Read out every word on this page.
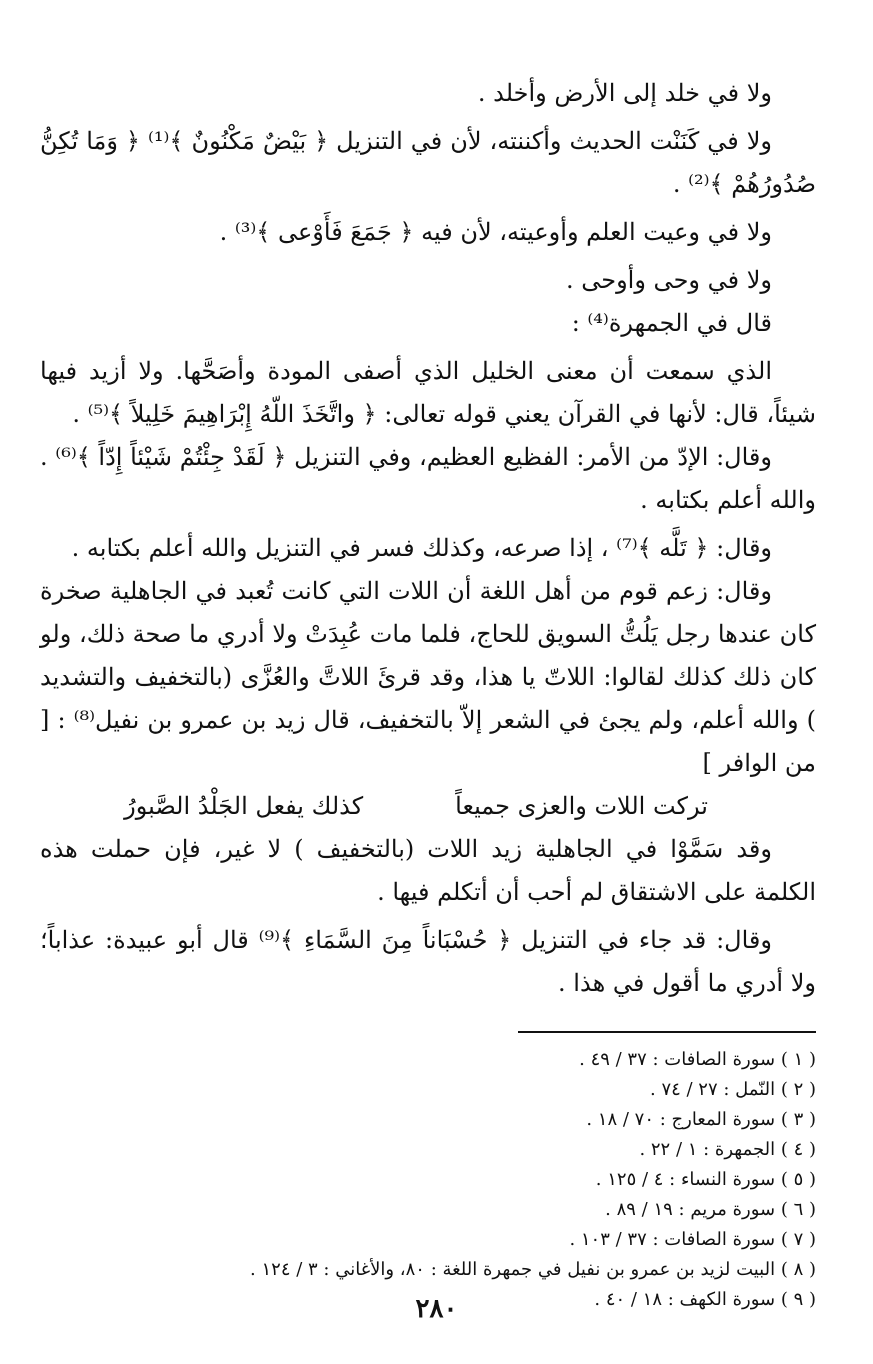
ولا في خلد إلى الأرض وأخلد .

ولا في كَنَنْت الحديث وأكننته، لأن في التنزيل ﴿ بَيْضٌ مَكْنُونٌ ﴾⁽¹⁾ ﴿ وَمَا تُكِنُّ صُدُورُهُمْ ﴾⁽²⁾ .

ولا في وعيت العلم وأوعيته، لأن فيه ﴿ جَمَعَ فَأَوْعى ﴾⁽³⁾ .

ولا في وحى وأوحى .

قال في الجمهرة⁽⁴⁾ :

الذي سمعت أن معنى الخليل الذي أصفى المودة وأصَحَّها. ولا أزيد فيها شيئاً، قال: لأنها في القرآن يعني قوله تعالى: ﴿ واتَّخَذَ اللّهُ إِبْرَاهِيمَ خَلِيلاً ﴾⁽⁵⁾ .

وقال: الإدّ من الأمر: الفظيع العظيم، وفي التنزيل ﴿ لَقَدْ جِئْتُمْ شَيْئاً إِدّاً ﴾⁽⁶⁾ . والله أعلم بكتابه .

وقال: ﴿ تَلَّه ﴾⁽⁷⁾ ، إذا صرعه، وكذلك فسر في التنزيل والله أعلم بكتابه .

وقال: زعم قوم من أهل اللغة أن اللات التي كانت تُعبد في الجاهلية صخرة كان عندها رجل يَلُتُّ السويق للحاج، فلما مات عُبِدَتْ ولا أدري ما صحة ذلك، ولو كان ذلك كذلك لقالوا: اللاتّ يا هذا، وقد قرئَ اللاتَّ والعُزَّى (بالتخفيف والتشديد ) والله أعلم، ولم يجئ في الشعر إلاّ بالتخفيف، قال زيد بن عمرو بن نفيل⁽⁸⁾ : [ من الوافر ]

تركت اللات والعزى جميعاً
كذلك يفعل الجَلْدُ الصَّبورُ

وقد سَمَّوْا في الجاهلية زيد اللات (بالتخفيف ) لا غير، فإن حملت هذه الكلمة على الاشتقاق لم أحب أن أتكلم فيها .

وقال: قد جاء في التنزيل ﴿ حُسْبَاناً مِنَ السَّمَاءِ ﴾⁽⁹⁾ قال أبو عبيدة: عذاباً؛ ولا أدري ما أقول في هذا .

( ١ ) سورة الصافات : ٣٧ / ٤٩ .
( ٢ ) النّمل : ٢٧ / ٧٤ .
( ٣ ) سورة المعارج : ٧٠ / ١٨ .
( ٤ ) الجمهرة : ١ / ٢٢ .
( ٥ ) سورة النساء : ٤ / ١٢٥ .
( ٦ ) سورة مريم : ١٩ / ٨٩ .
( ٧ ) سورة الصافات : ٣٧ / ١٠٣ .
( ٨ ) البيت لزيد بن عمرو بن نفيل في جمهرة اللغة : ٨٠، والأغاني : ٣ / ١٢٤ .
( ٩ ) سورة الكهف : ١٨ / ٤٠ .
٢٨٠
